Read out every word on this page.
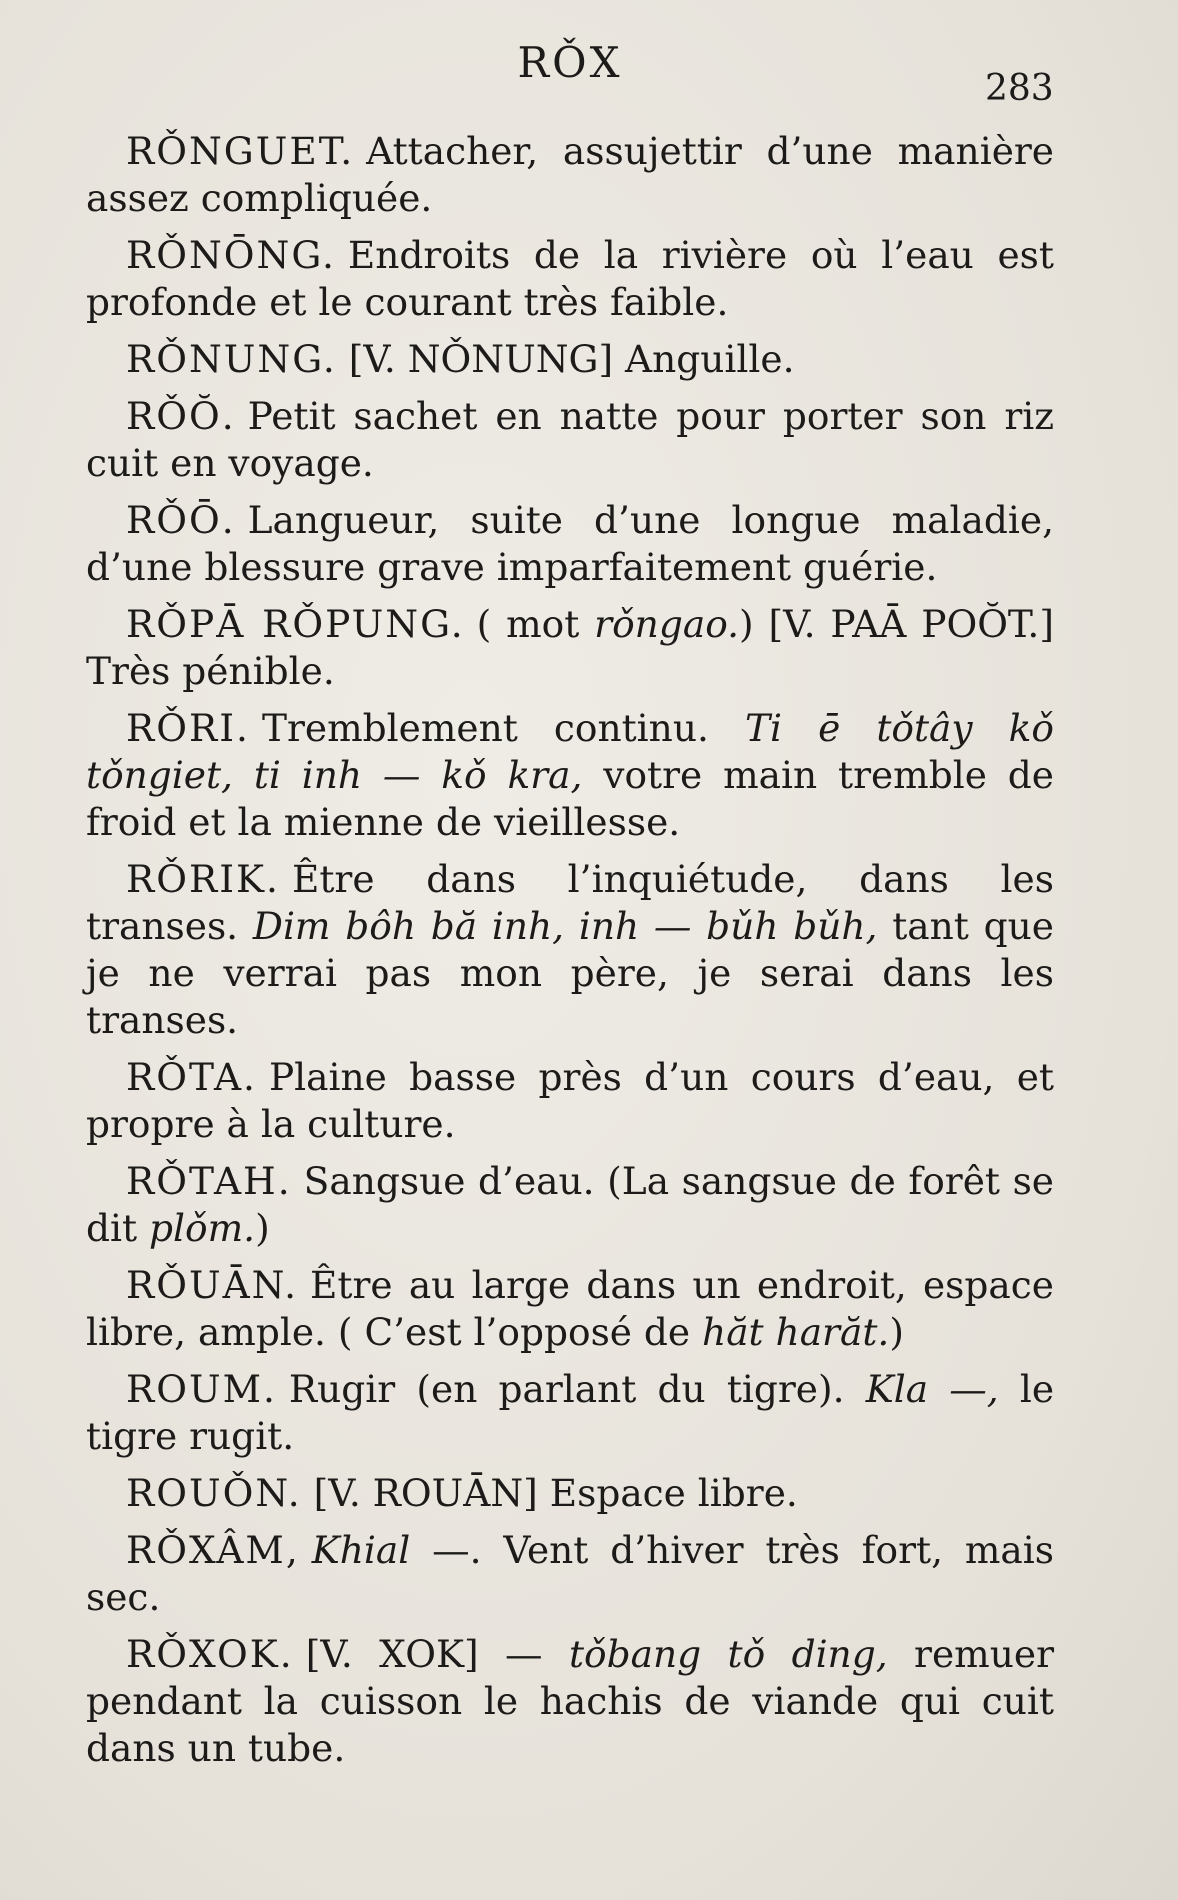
RǑX
283

RǑNGUET. Attacher, assujettir d’une manière assez compliquée.

RǑNŌNG. Endroits de la rivière où l’eau est profonde et le courant très faible.

RǑNUNG. [V. NǑNUNG] Anguille.

RǑŎ. Petit sachet en natte pour porter son riz cuit en voyage.

RǑŌ. Langueur, suite d’une longue maladie, d’une blessure grave imparfaitement guérie.

RǑPĀ RǑPUNG. ( mot rǒngao.) [V. PAĀ POŎT.] Très pénible.

RǑRI. Tremblement continu. Ti ē tǒtây kǒ tǒngiet, ti inh — kǒ kra, votre main tremble de froid et la mienne de vieillesse.

RǑRIK. Être dans l’inquiétude, dans les transes. Dim bôh bă inh, inh — bǔh bǔh, tant que je ne verrai pas mon père, je serai dans les transes.

RǑTA. Plaine basse près d’un cours d’eau, et propre à la culture.

RǑTAH. Sangsue d’eau. (La sangsue de forêt se dit plǒm.)

RǑUĀN. Être au large dans un endroit, espace libre, ample. ( C’est l’opposé de hăt harăt.)

ROUM. Rugir (en parlant du tigre). Kla —, le tigre rugit.

ROUǑN. [V. ROUĀN] Espace libre.

RǑXÂM, Khial —. Vent d’hiver très fort, mais sec.

RǑXOK. [V. XOK] — tǒbang tǒ ding, remuer pendant la cuisson le hachis de viande qui cuit dans un tube.
